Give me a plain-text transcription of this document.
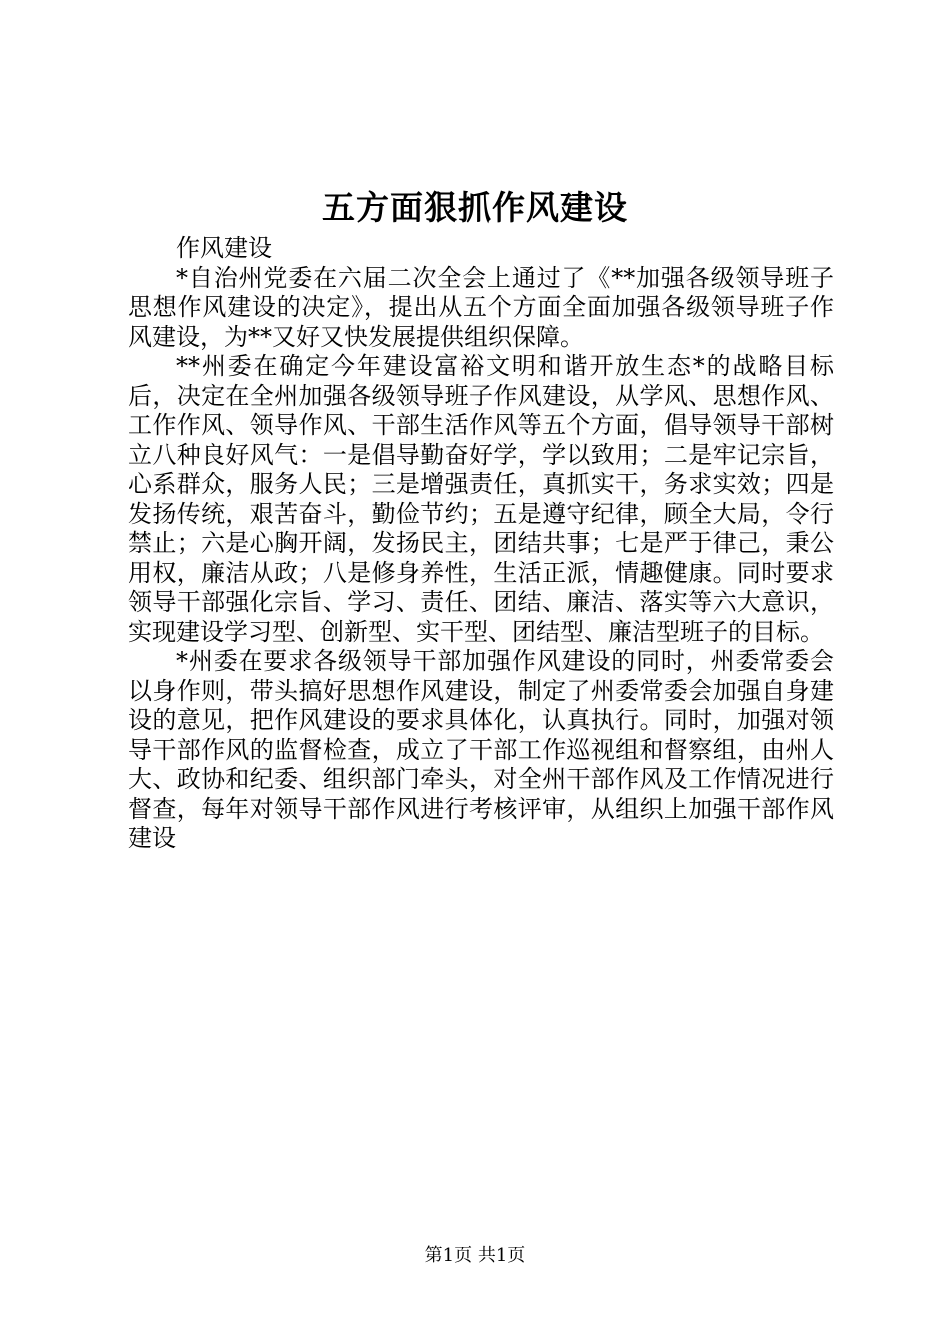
五方面狠抓作风建设

作风建设

*自治州党委在六届二次全会上通过了《**加强各级领导班子思想作风建设的决定》，提出从五个方面全面加强各级领导班子作风建设，为**又好又快发展提供组织保障。

**州委在确定今年建设富裕文明和谐开放生态*的战略目标后，决定在全州加强各级领导班子作风建设，从学风、思想作风、工作作风、领导作风、干部生活作风等五个方面，倡导领导干部树立八种良好风气：一是倡导勤奋好学，学以致用；二是牢记宗旨，心系群众，服务人民；三是增强责任，真抓实干，务求实效；四是发扬传统，艰苦奋斗，勤俭节约；五是遵守纪律，顾全大局，令行禁止；六是心胸开阔，发扬民主，团结共事；七是严于律己，秉公用权，廉洁从政；八是修身养性，生活正派，情趣健康。同时要求领导干部强化宗旨、学习、责任、团结、廉洁、落实等六大意识，实现建设学习型、创新型、实干型、团结型、廉洁型班子的目标。

*州委在要求各级领导干部加强作风建设的同时，州委常委会以身作则，带头搞好思想作风建设，制定了州委常委会加强自身建设的意见，把作风建设的要求具体化，认真执行。同时，加强对领导干部作风的监督检查，成立了干部工作巡视组和督察组，由州人大、政协和纪委、组织部门牵头，对全州干部作风及工作情况进行督查，每年对领导干部作风进行考核评审，从组织上加强干部作风建设

第1页 共1页
